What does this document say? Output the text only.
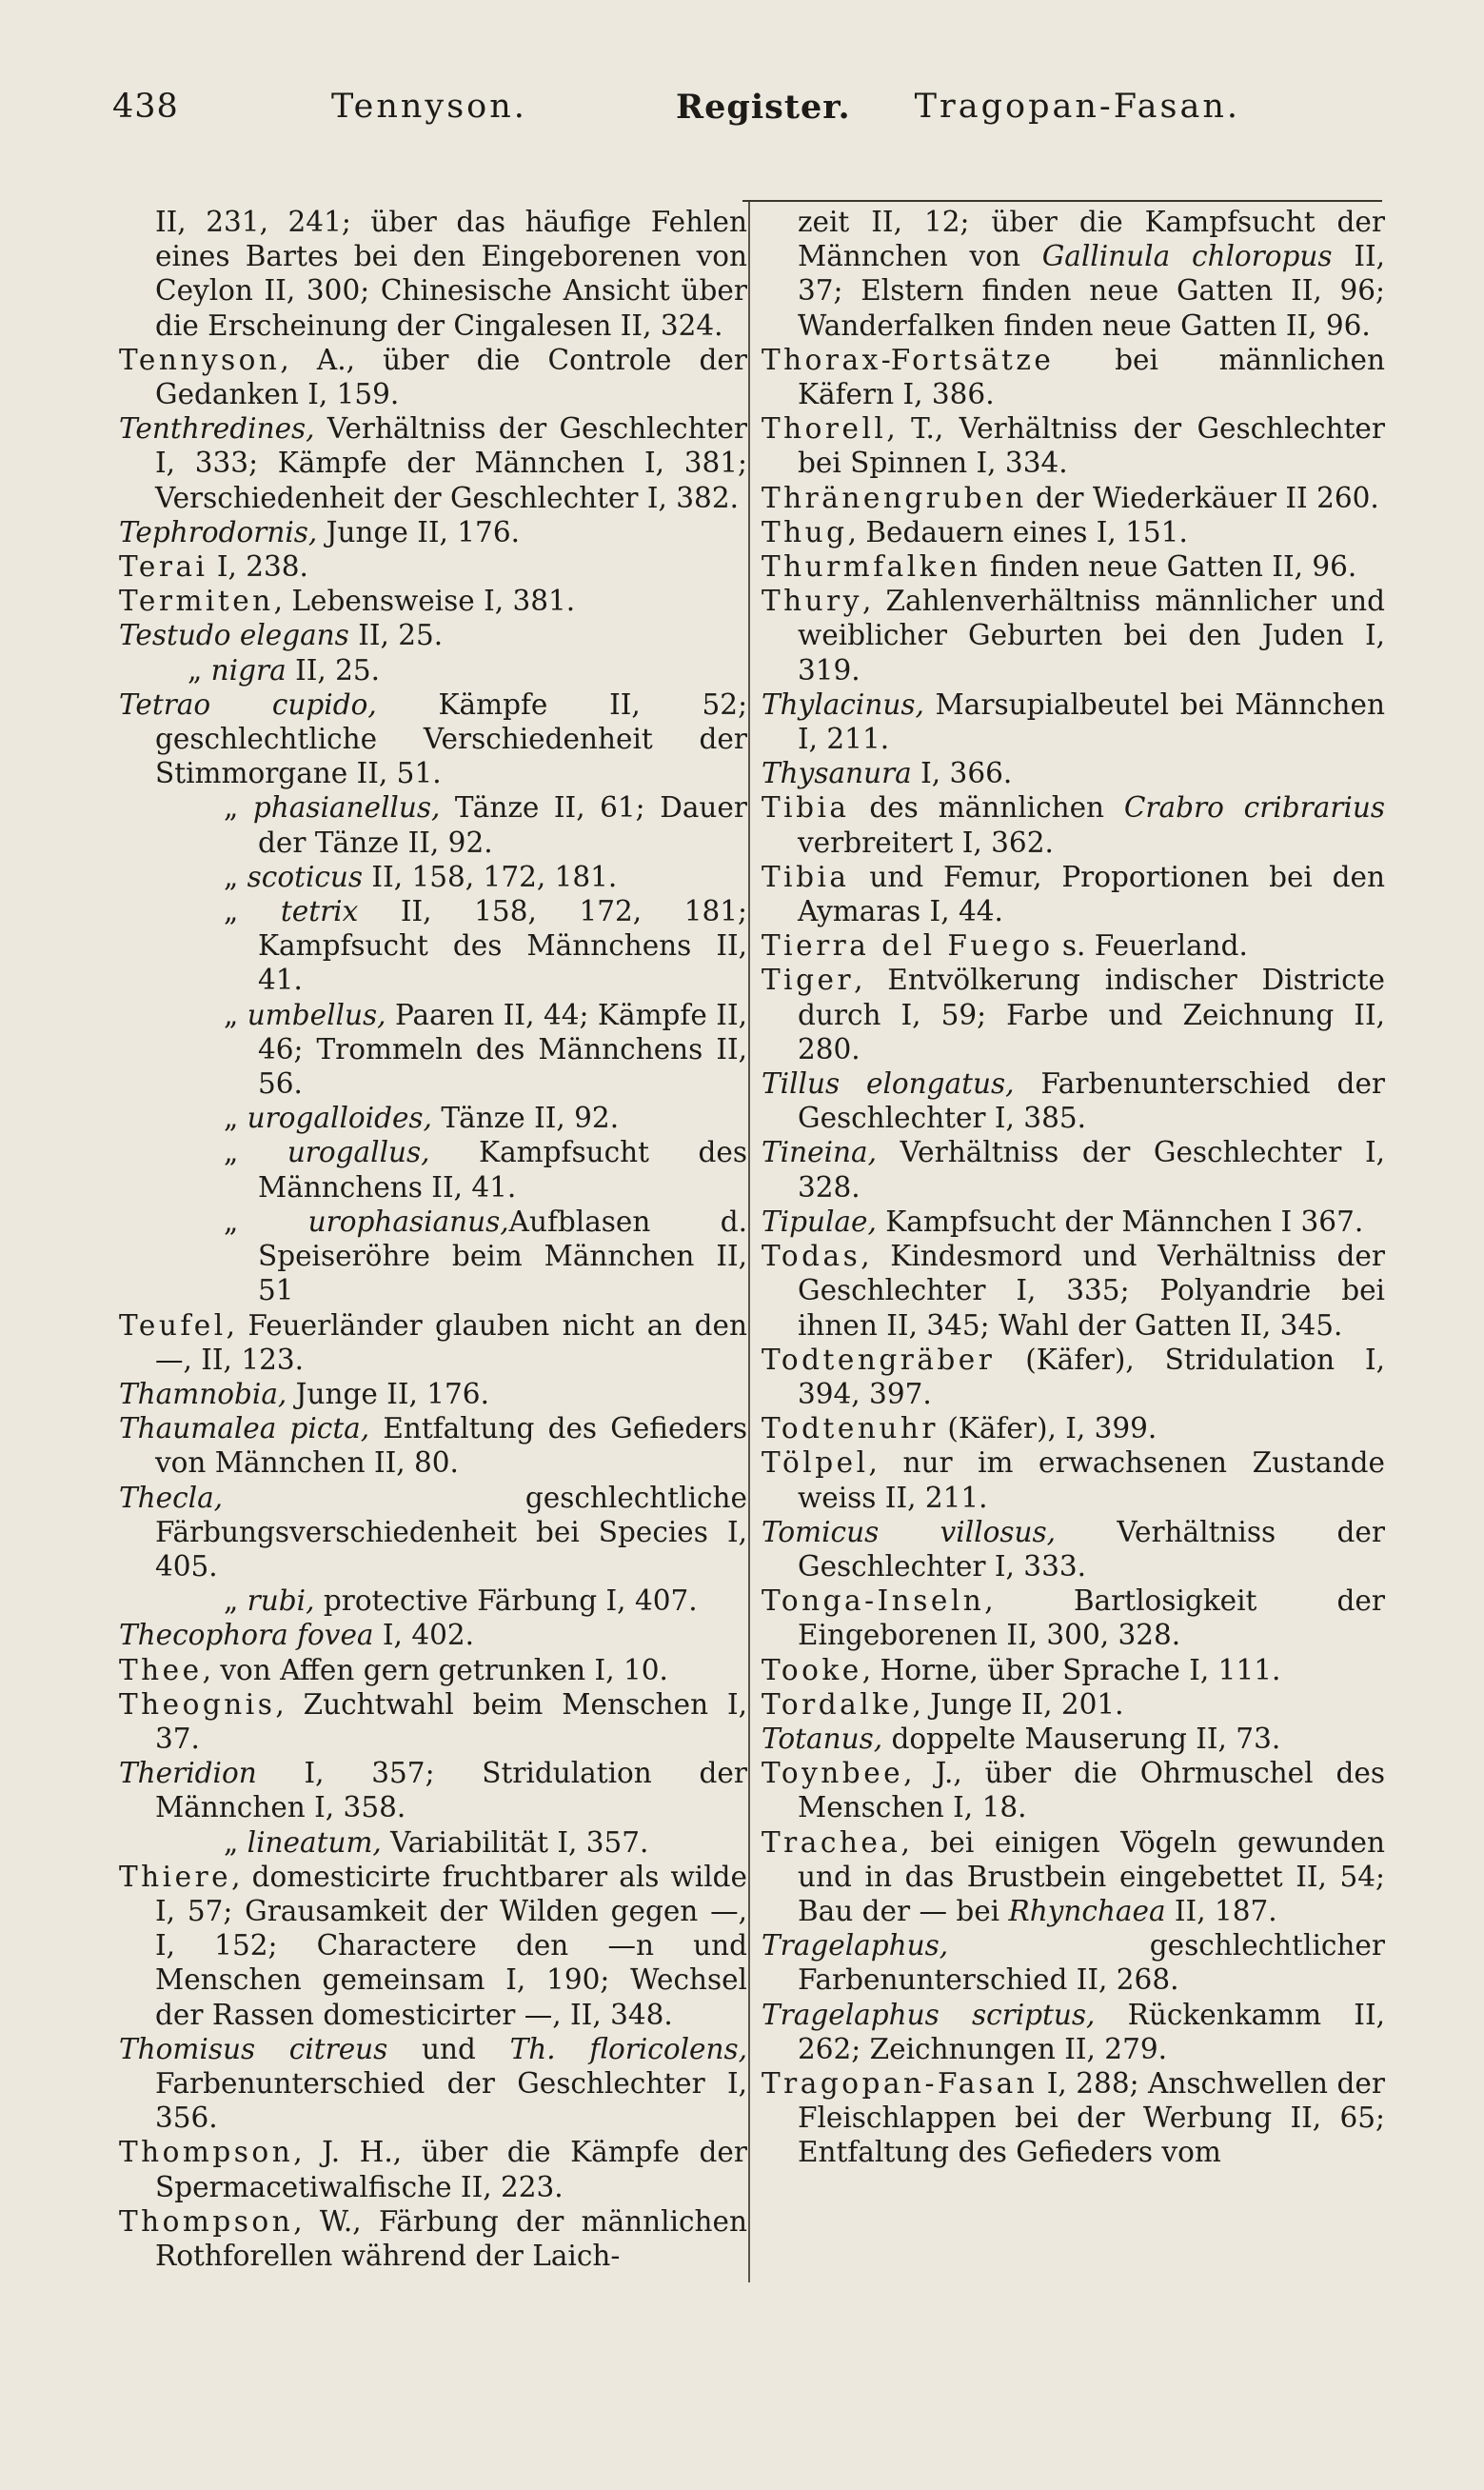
438	Tennyson.	Register. Tragopan-Fasan.

II, 231, 241; über das häufige Fehlen eines Bartes bei den Eingeborenen von Ceylon II, 300; Chinesische Ansicht über die Erscheinung der Cingalesen II, 324.

Tennyson, A., über die Controle der Gedanken I, 159.

Tenthredines, Verhältniss der Geschlechter I, 333; Kämpfe der Männchen I, 381; Verschiedenheit der Geschlechter I, 382.

Tephrodornis, Junge II, 176.

Terai I, 238.

Termiten, Lebensweise I, 381.

Testudo elegans II, 25.

„ nigra II, 25.

Tetrao cupido, Kämpfe II, 52; geschlechtliche Verschiedenheit der Stimmorgane II, 51.

„ phasianellus, Tänze II, 61; Dauer der Tänze II, 92.

„ scoticus II, 158, 172, 181.

„ tetrix II, 158, 172, 181; Kampfsucht des Männchens II, 41.

„ umbellus, Paaren II, 44; Kämpfe II, 46; Trommeln des Männchens II, 56.

„ urogalloides, Tänze II, 92.

„ urogallus, Kampfsucht des Männchens II, 41.

„ urophasianus,Aufblasen d. Speiseröhre beim Männchen II, 51

Teufel, Feuerländer glauben nicht an den —, II, 123.

Thamnobia, Junge II, 176.

Thaumalea picta, Entfaltung des Gefieders von Männchen II, 80.

Thecla, geschlechtliche Färbungsverschiedenheit bei Species I, 405.

„ rubi, protective Färbung I, 407.

Thecophora fovea I, 402.

Thee, von Affen gern getrunken I, 10.

Theognis, Zuchtwahl beim Menschen I, 37.

Theridion I, 357; Stridulation der Männchen I, 358.

„ lineatum, Variabilität I, 357.

Thiere, domesticirte fruchtbarer als wilde I, 57; Grausamkeit der Wilden gegen —, I, 152; Charactere den —n und Menschen gemeinsam I, 190; Wechsel der Rassen domesticirter —, II, 348.

Thomisus citreus und Th. floricolens, Farbenunterschied der Geschlechter I, 356.

Thompson, J. H., über die Kämpfe der Spermacetiwalfische II, 223.

Thompson, W., Färbung der männlichen Rothforellen während der Laich-

zeit II, 12; über die Kampfsucht der Männchen von Gallinula chloropus II, 37; Elstern finden neue Gatten II, 96; Wanderfalken finden neue Gatten II, 96.

Thorax-Fortsätze bei männlichen Käfern I, 386.

Thorell, T., Verhältniss der Geschlechter bei Spinnen I, 334.

Thränengruben der Wiederkäuer II 260.

Thug, Bedauern eines I, 151.

Thurmfalken finden neue Gatten II, 96.

Thury, Zahlenverhältniss männlicher und weiblicher Geburten bei den Juden I, 319.

Thylacinus, Marsupialbeutel bei Männchen I, 211.

Thysanura I, 366.

Tibia des männlichen Crabro cribrarius verbreitert I, 362.

Tibia und Femur, Proportionen bei den Aymaras I, 44.

Tierra del Fuego s. Feuerland.

Tiger, Entvölkerung indischer Districte durch I, 59; Farbe und Zeichnung II, 280.

Tillus elongatus, Farbenunterschied der Geschlechter I, 385.

Tineina, Verhältniss der Geschlechter I, 328.

Tipulae, Kampfsucht der Männchen I 367.

Todas, Kindesmord und Verhältniss der Geschlechter I, 335; Polyandrie bei ihnen II, 345; Wahl der Gatten II, 345.

Todtengräber (Käfer), Stridulation I, 394, 397.

Todtenuhr (Käfer), I, 399.

Tölpel, nur im erwachsenen Zustande weiss II, 211.

Tomicus villosus, Verhältniss der Geschlechter I, 333.

Tonga-Inseln, Bartlosigkeit der Eingeborenen II, 300, 328.

Tooke, Horne, über Sprache I, 111.

Tordalke, Junge II, 201.

Totanus, doppelte Mauserung II, 73.

Toynbee, J., über die Ohrmuschel des Menschen I, 18.

Trachea, bei einigen Vögeln gewunden und in das Brustbein eingebettet II, 54; Bau der — bei Rhynchaea II, 187.

Tragelaphus, geschlechtlicher Farbenunterschied II, 268.

Tragelaphus scriptus, Rückenkamm II, 262; Zeichnungen II, 279.

Tragopan-Fasan I, 288; Anschwellen der Fleischlappen bei der Werbung II, 65; Entfaltung des Gefieders vom
